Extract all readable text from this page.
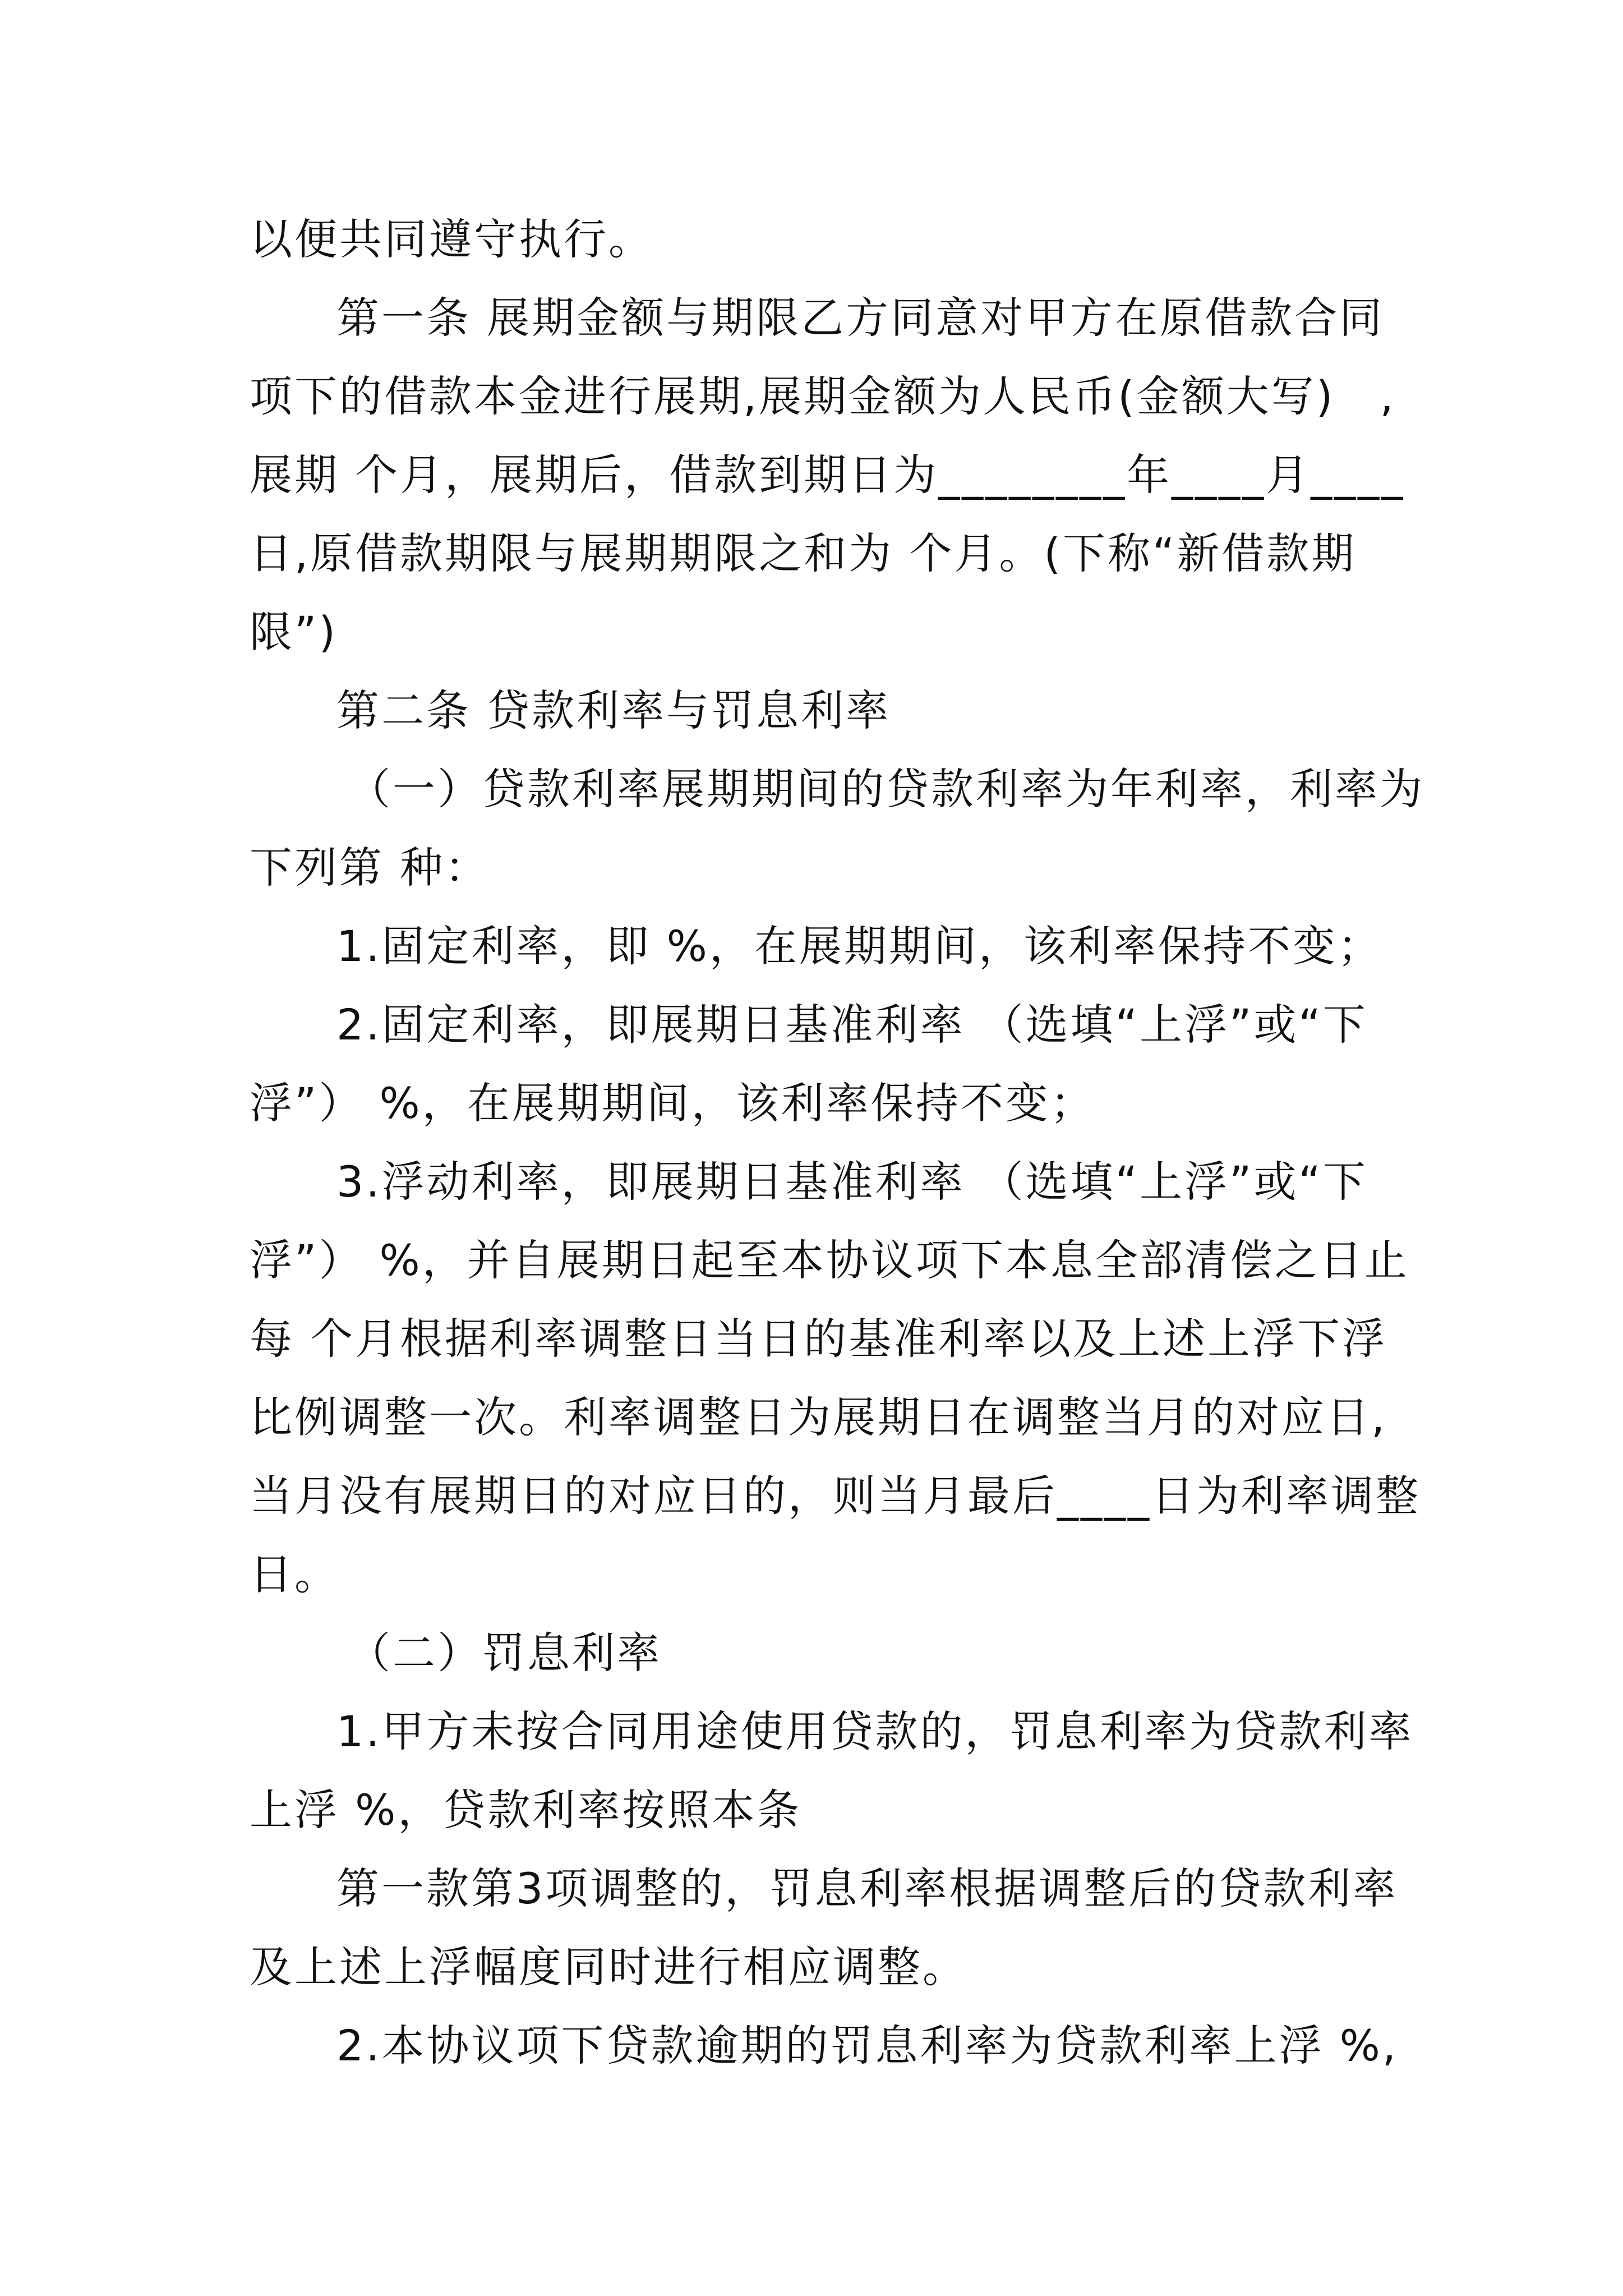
以便共同遵守执行。
第一条 展期金额与期限乙方同意对甲方在原借款合同
项下的借款本金进行展期,展期金额为人民币(金额大写)　,
展期 个月，展期后，借款到期日为________年____月____
日,原借款期限与展期期限之和为 个月。(下称“新借款期
限”)
第二条 贷款利率与罚息利率
（一）贷款利率展期期间的贷款利率为年利率，利率为
下列第 种：
1.固定利率，即 %，在展期期间，该利率保持不变；
2.固定利率，即展期日基准利率 （选填“上浮”或“下
浮”） %，在展期期间，该利率保持不变；
3.浮动利率，即展期日基准利率 （选填“上浮”或“下
浮”） %，并自展期日起至本协议项下本息全部清偿之日止
每 个月根据利率调整日当日的基准利率以及上述上浮下浮
比例调整一次。利率调整日为展期日在调整当月的对应日,
当月没有展期日的对应日的，则当月最后____日为利率调整
日。
（二）罚息利率
1.甲方未按合同用途使用贷款的，罚息利率为贷款利率
上浮 %，贷款利率按照本条
第一款第3项调整的，罚息利率根据调整后的贷款利率
及上述上浮幅度同时进行相应调整。
2.本协议项下贷款逾期的罚息利率为贷款利率上浮 %,
